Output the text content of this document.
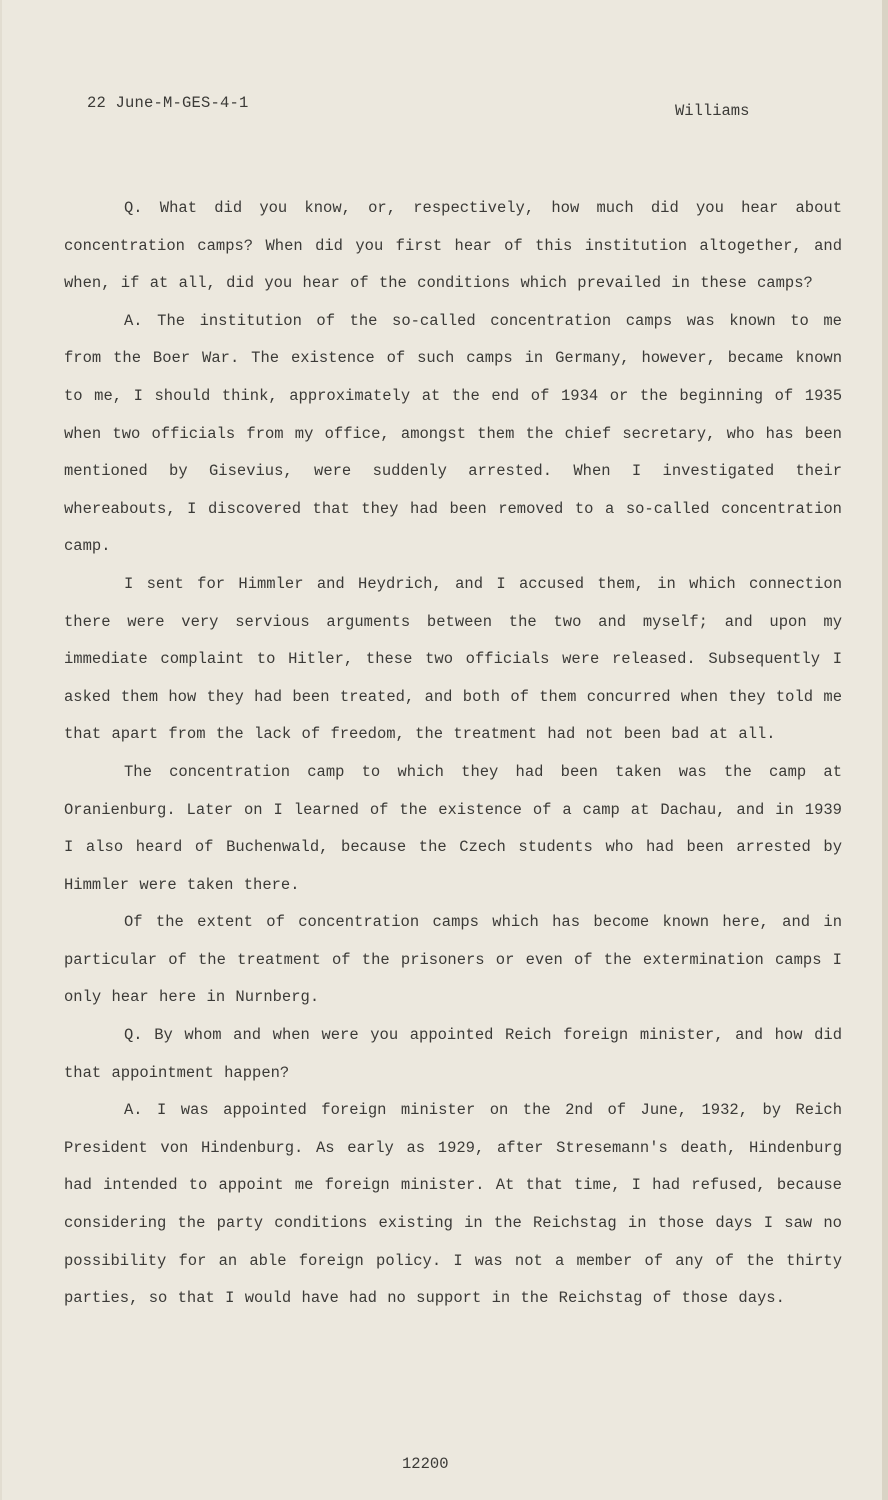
22 June-M-GES-4-1	Williams

Q. What did you know, or, respectively, how much did you hear about concentration camps? When did you first hear of this institution altogether, and when, if at all, did you hear of the conditions which prevailed in these camps?

A. The institution of the so-called concentration camps was known to me from the Boer War. The existence of such camps in Germany, however, became known to me, I should think, approximately at the end of 1934 or the beginning of 1935 when two officials from my office, amongst them the chief secretary, who has been mentioned by Gisevius, were suddenly arrested. When I investigated their whereabouts, I discovered that they had been removed to a so-called concentration camp.

I sent for Himmler and Heydrich, and I accused them, in which connection there were very servious arguments between the two and myself; and upon my immediate complaint to Hitler, these two officials were released. Subsequently I asked them how they had been treated, and both of them concurred when they told me that apart from the lack of freedom, the treatment had not been bad at all.

The concentration camp to which they had been taken was the camp at Oranienburg. Later on I learned of the existence of a camp at Dachau, and in 1939 I also heard of Buchenwald, because the Czech students who had been arrested by Himmler were taken there.

Of the extent of concentration camps which has become known here, and in particular of the treatment of the prisoners or even of the extermination camps I only hear here in Nurnberg.

Q. By whom and when were you appointed Reich foreign minister, and how did that appointment happen?

A. I was appointed foreign minister on the 2nd of June, 1932, by Reich President von Hindenburg. As early as 1929, after Stresemann's death, Hindenburg had intended to appoint me foreign minister. At that time, I had refused, because considering the party conditions existing in the Reichstag in those days I saw no possibility for an able foreign policy. I was not a member of any of the thirty parties, so that I would have had no support in the Reichstag of those days.

12200
